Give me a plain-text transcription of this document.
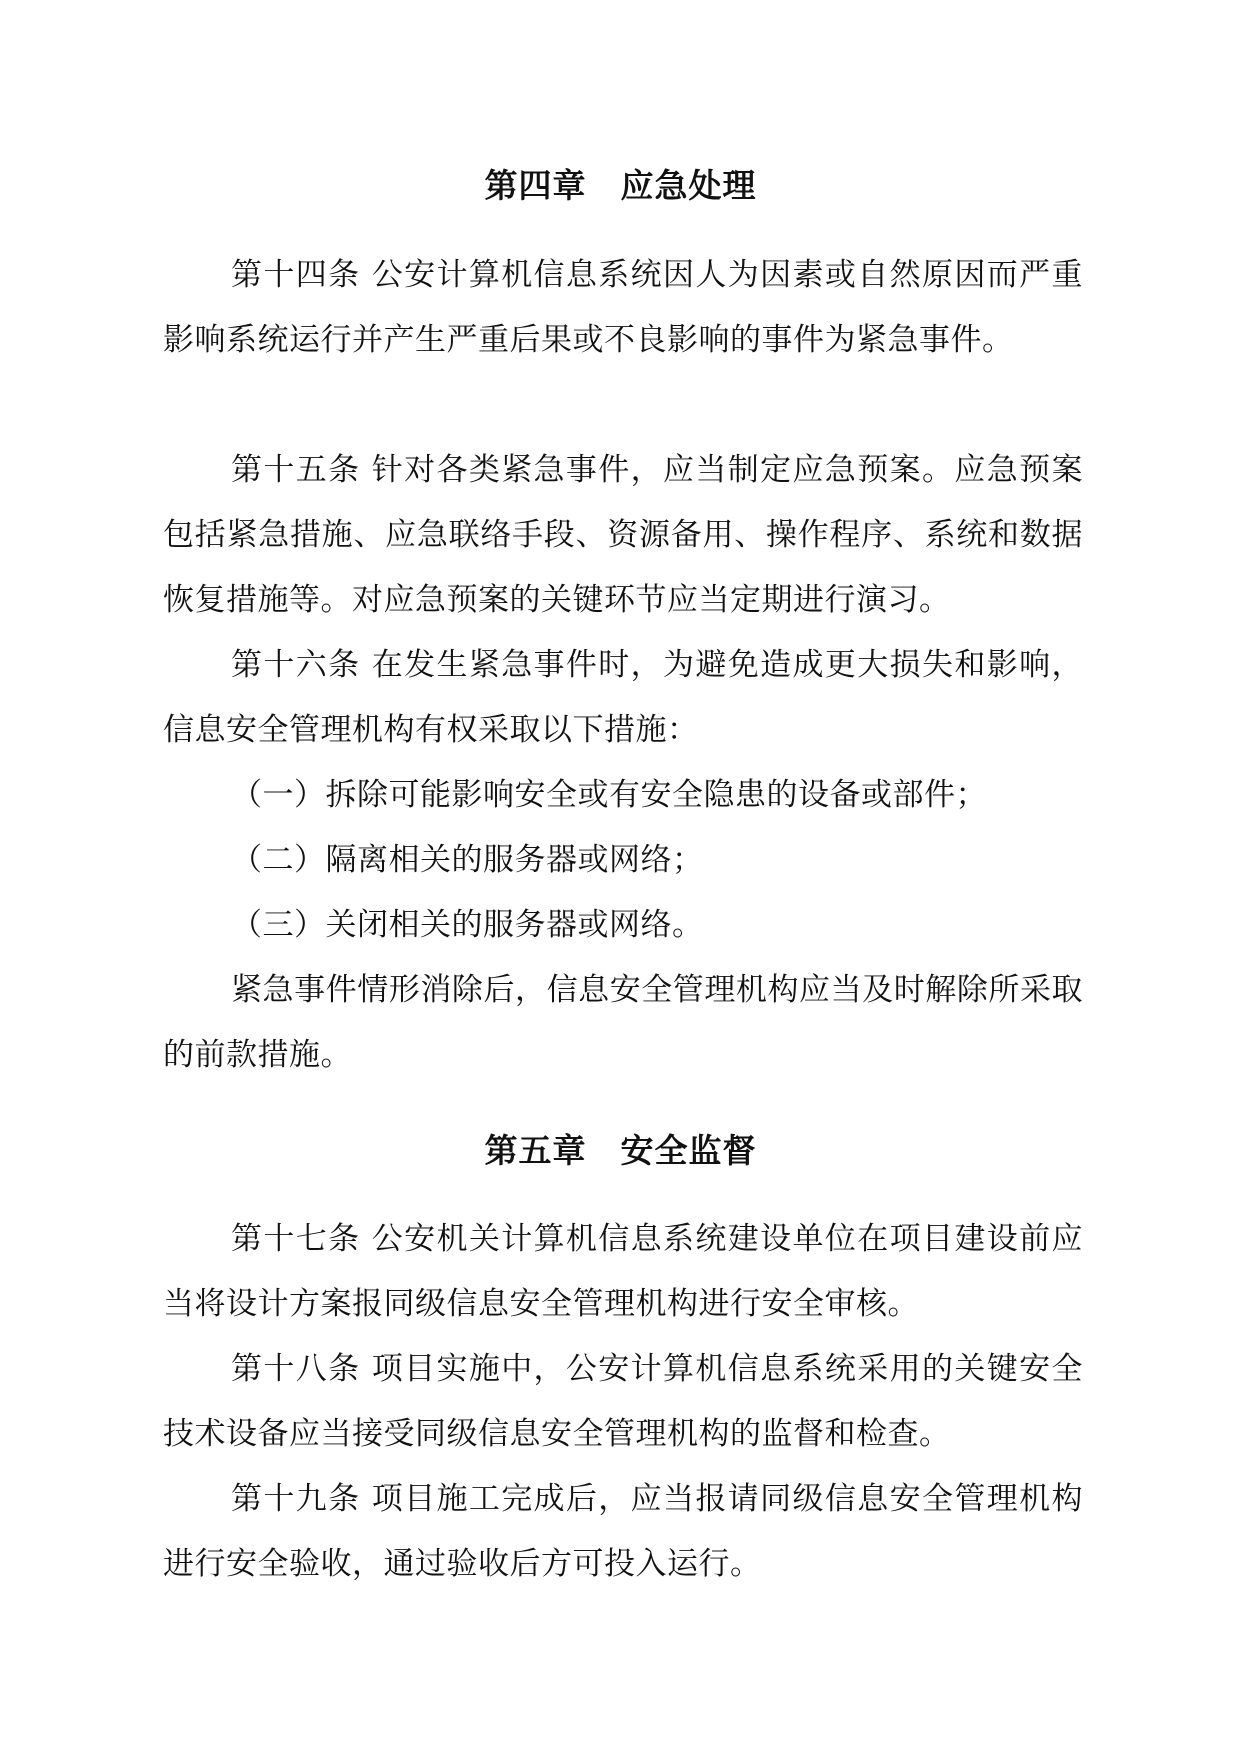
第四章　应急处理

第十四条 公安计算机信息系统因人为因素或自然原因而严重影响系统运行并产生严重后果或不良影响的事件为紧急事件。

第十五条 针对各类紧急事件，应当制定应急预案。应急预案包括紧急措施、应急联络手段、资源备用、操作程序、系统和数据恢复措施等。对应急预案的关键环节应当定期进行演习。

第十六条 在发生紧急事件时，为避免造成更大损失和影响，信息安全管理机构有权采取以下措施：

（一）拆除可能影响安全或有安全隐患的设备或部件；

（二）隔离相关的服务器或网络；

（三）关闭相关的服务器或网络。

紧急事件情形消除后，信息安全管理机构应当及时解除所采取的前款措施。

第五章　安全监督

第十七条 公安机关计算机信息系统建设单位在项目建设前应当将设计方案报同级信息安全管理机构进行安全审核。

第十八条 项目实施中，公安计算机信息系统采用的关键安全技术设备应当接受同级信息安全管理机构的监督和检查。

第十九条 项目施工完成后，应当报请同级信息安全管理机构进行安全验收，通过验收后方可投入运行。
